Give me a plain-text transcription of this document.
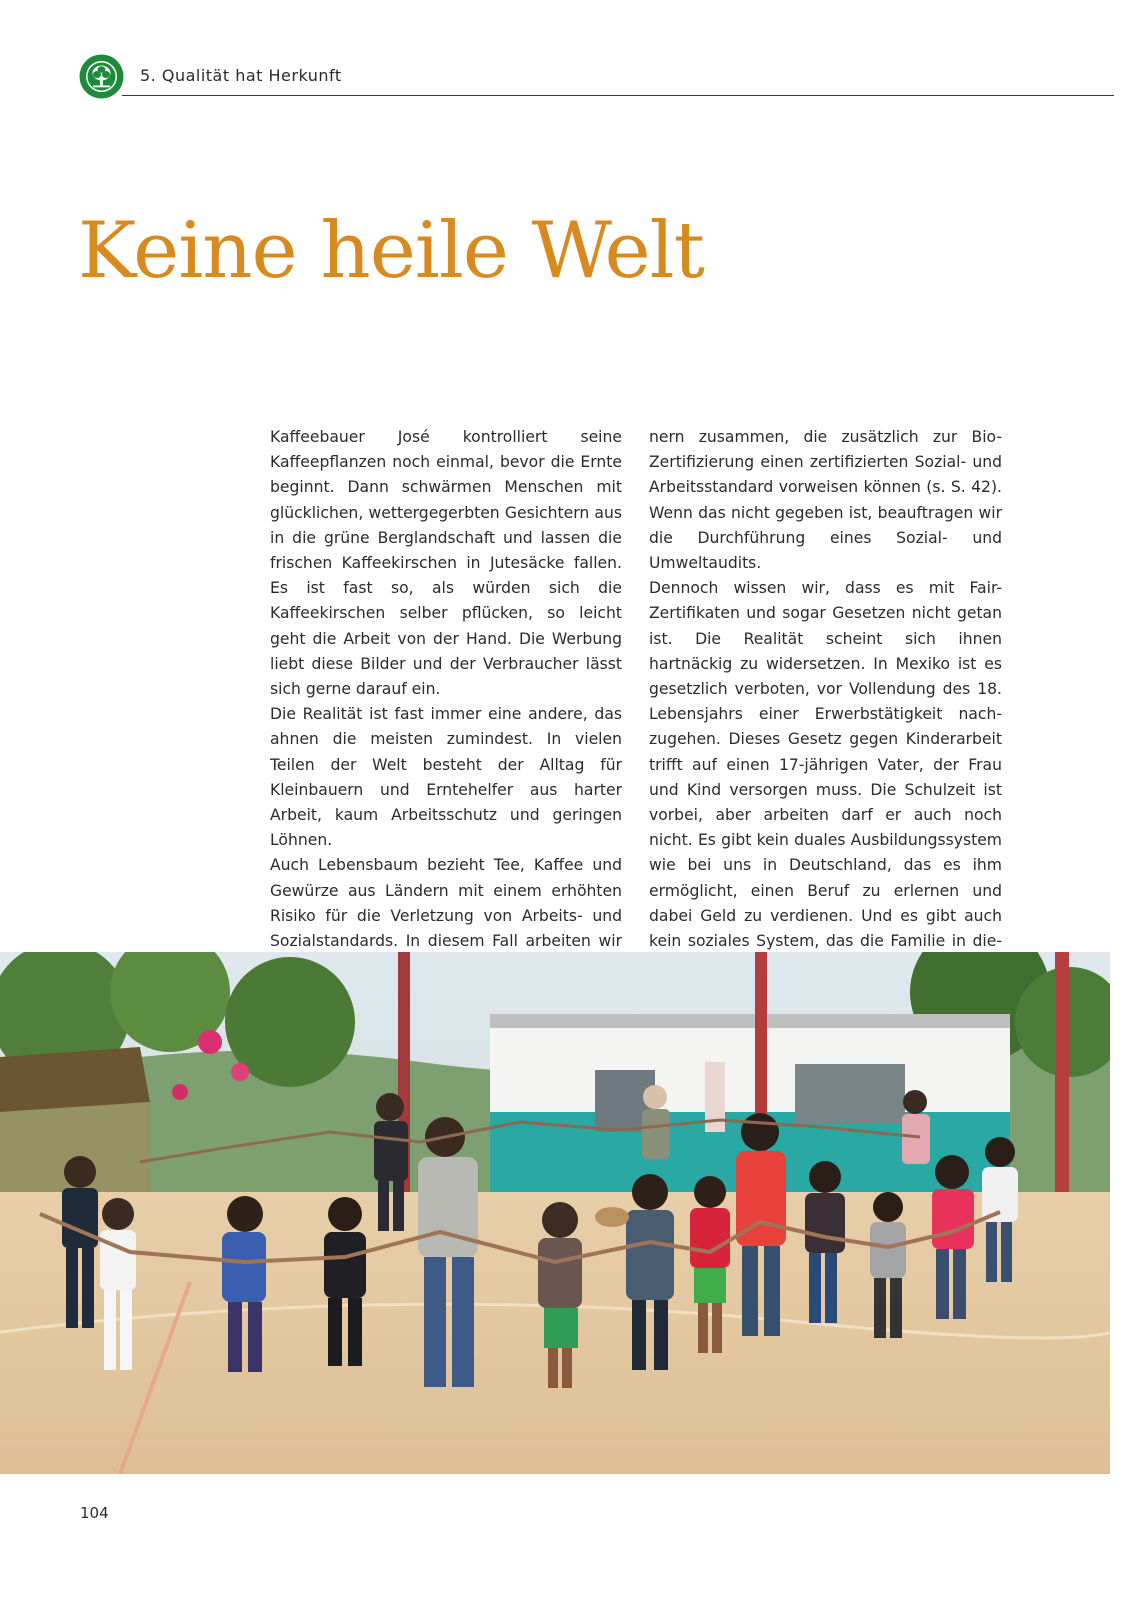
5. Qualität hat Herkunft
Keine heile Welt

Kaffeebauer José kontrolliert seine Kaffeepflanzen noch einmal, bevor die Ernte beginnt. Dann schwärmen Menschen mit glücklichen, wettergegerbten Gesichtern aus in die grüne Berglandschaft und lassen die frischen Kaffeekirschen in Jutesäcke fallen. Es ist fast so, als würden sich die Kaffeekirschen selber pflücken, so leicht geht die Arbeit von der Hand. Die Werbung liebt diese Bilder und der Verbraucher lässt sich gerne darauf ein.

Die Realität ist fast immer eine andere, das ahnen die meisten zumindest. In vielen Teilen der Welt besteht der Alltag für Kleinbauern und Erntehelfer aus harter Arbeit, kaum Arbeitsschutz und geringen Löhnen.

Auch Lebensbaum bezieht Tee, Kaffee und Gewürze aus Ländern mit einem erhöhten Risiko für die Verletzung von Arbeits- und Sozialstandards. In diesem Fall arbeiten wir

nern zusammen, die zusätzlich zur Bio-Zertifizierung einen zertifizierten Sozial- und Arbeitsstandard vorweisen können (s. S. 42). Wenn das nicht gegeben ist, beauftragen wir die Durchführung eines Sozial- und Umweltaudits.

Dennoch wissen wir, dass es mit Fair-Zertifikaten und sogar Gesetzen nicht getan ist. Die Realität scheint sich ihnen hartnäckig zu widersetzen. In Mexiko ist es gesetzlich verboten, vor Vollendung des 18. Lebensjahrs einer Erwerbstätigkeit nachzugehen. Dieses Gesetz gegen Kinderarbeit trifft auf einen 17-jährigen Vater, der Frau und Kind versorgen muss. Die Schulzeit ist vorbei, aber arbeiten darf er auch noch nicht. Es gibt kein duales Ausbildungssystem wie bei uns in Deutschland, das es ihm ermöglicht, einen Beruf zu erlernen und dabei Geld zu verdienen. Und es gibt auch kein soziales System, das die Familie in die

104
